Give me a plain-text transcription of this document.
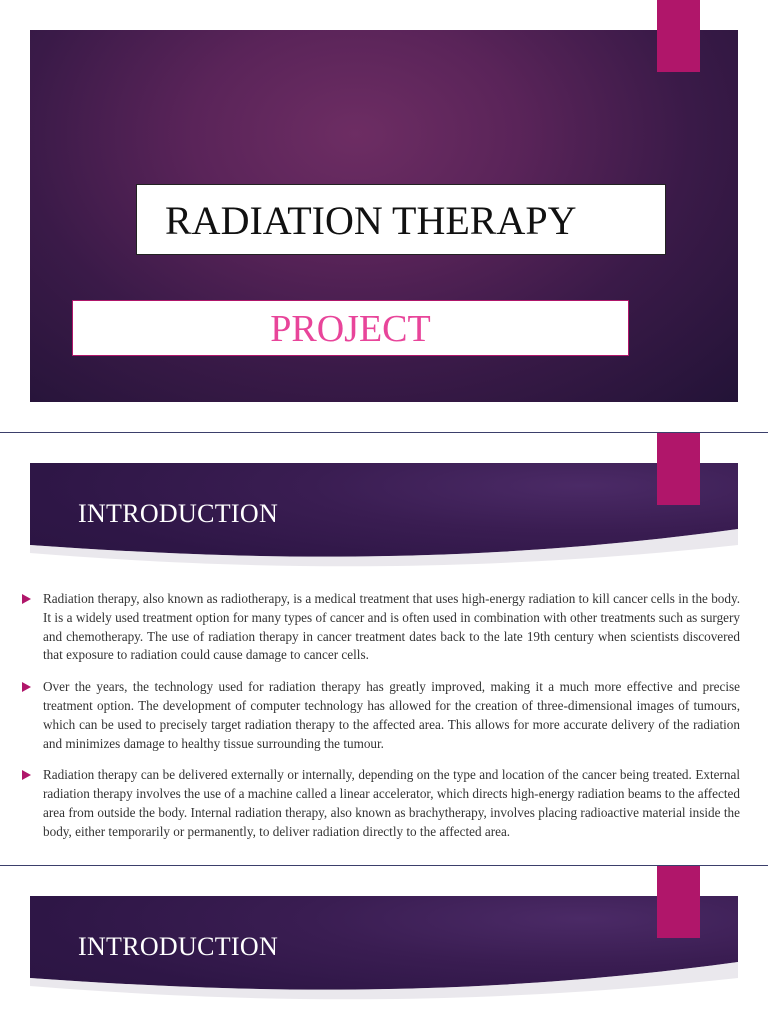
RADIATION THERAPY
PROJECT
INTRODUCTION
Radiation therapy, also known as radiotherapy, is a medical treatment that uses high-energy radiation to kill cancer cells in the body. It is a widely used treatment option for many types of cancer and is often used in combination with other treatments such as surgery and chemotherapy. The use of radiation therapy in cancer treatment dates back to the late 19th century when scientists discovered that exposure to radiation could cause damage to cancer cells.
Over the years, the technology used for radiation therapy has greatly improved, making it a much more effective and precise treatment option. The development of computer technology has allowed for the creation of three-dimensional images of tumours, which can be used to precisely target radiation therapy to the affected area. This allows for more accurate delivery of the radiation and minimizes damage to healthy tissue surrounding the tumour.
Radiation therapy can be delivered externally or internally, depending on the type and location of the cancer being treated. External radiation therapy involves the use of a machine called a linear accelerator, which directs high-energy radiation beams to the affected area from outside the body. Internal radiation therapy, also known as brachytherapy, involves placing radioactive material inside the body, either temporarily or permanently, to deliver radiation directly to the affected area.
INTRODUCTION
